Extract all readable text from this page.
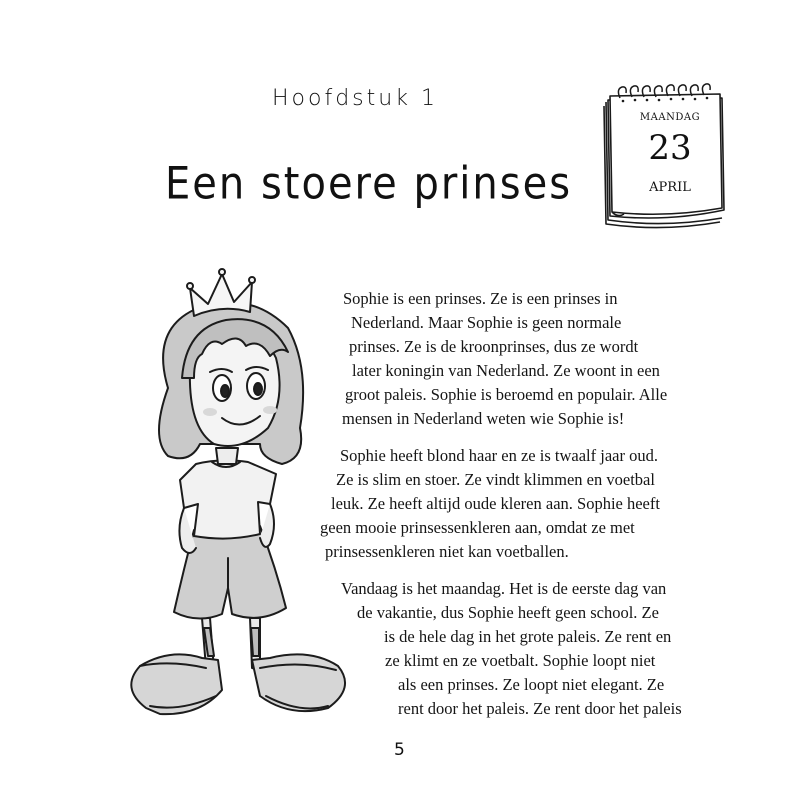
Hoofdstuk 1
Een stoere prinses
MAANDAG
23
APRIL
Sophie is een prinses. Ze is een prinses in
Nederland. Maar Sophie is geen normale
prinses. Ze is de kroonprinses, dus ze wordt
later koningin van Nederland. Ze woont in een
groot paleis. Sophie is beroemd en populair. Alle
mensen in Nederland weten wie Sophie is!
Sophie heeft blond haar en ze is twaalf jaar oud.
Ze is slim en stoer. Ze vindt klimmen en voetbal
leuk. Ze heeft altijd oude kleren aan. Sophie heeft
geen mooie prinsessenkleren aan, omdat ze met
prinsessenkleren niet kan voetballen.
Vandaag is het maandag. Het is de eerste dag van
de vakantie, dus Sophie heeft geen school. Ze
is de hele dag in het grote paleis. Ze rent en
ze klimt en ze voetbalt. Sophie loopt niet
als een prinses. Ze loopt niet elegant. Ze
rent door het paleis. Ze rent door het paleis
5
